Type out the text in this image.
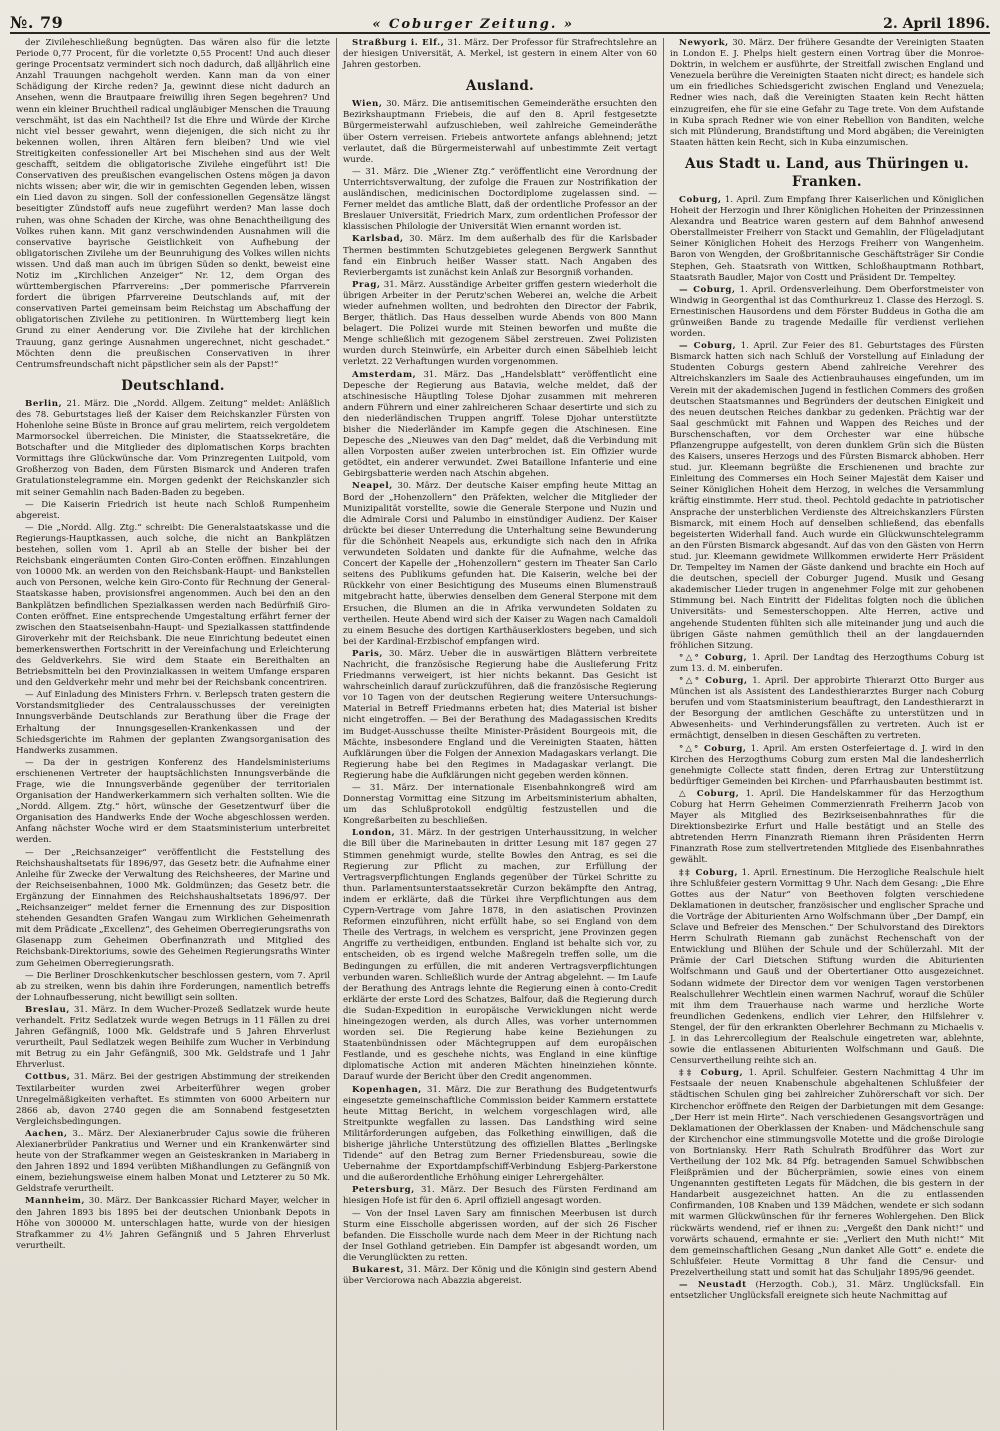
№. 79	« Coburger Zeitung. »	2. April 1896.

der Zivileheschließung begnügten. Das wären also für die letzte Periode 0,77 Procent, für die vorletzte 0,55 Procent! Und auch dieser geringe Procentsatz vermindert sich noch dadurch, daß alljährlich eine Anzahl Trauungen nachgeholt werden. Kann man da von einer Schädigung der Kirche reden? Ja, gewinnt diese nicht dadurch an Ansehen, wenn die Brautpaare freiwillig ihren Segen begehren? Und wenn ein kleiner Bruchtheil radical ungläubiger Menschen die Trauung verschmäht, ist das ein Nachtheil? Ist die Ehre und Würde der Kirche nicht viel besser gewahrt, wenn diejenigen, die sich nicht zu ihr bekennen wollen, ihren Altären fern bleiben? Und wie viel Streitigkeiten confessioneller Art bei Mischehen sind aus der Welt geschafft, seitdem die obligatorische Zivilehe eingeführt ist! Die Conservativen des preußischen evangelischen Ostens mögen ja davon nichts wissen; aber wir, die wir in gemischten Gegenden leben, wissen ein Lied davon zu singen. Soll der confessionellen Gegensätze längst beseitigter Zündstoff aufs neue zugeführt werden? Man lasse doch ruhen, was ohne Schaden der Kirche, was ohne Benachtheiligung des Volkes ruhen kann. Mit ganz verschwindenden Ausnahmen will die conservative bayrische Geistlichkeit von Aufhebung der obligatorischen Zivilehe um der Beunruhigung des Volkes willen nichts wissen. Und daß man auch im übrigen Süden so denkt, beweist eine Notiz im „Kirchlichen Anzeiger“ Nr. 12, dem Organ des württembergischen Pfarrvereins: „Der pommerische Pfarrverein fordert die übrigen Pfarrvereine Deutschlands auf, mit der conservativen Partei gemeinsam beim Reichstag um Abschaffung der obligatorischen Zivilehe zu petitioniren. In Württemberg liegt kein Grund zu einer Aenderung vor. Die Zivilehe hat der kirchlichen Trauung, ganz geringe Ausnahmen ungerechnet, nicht geschadet.“ Möchten denn die preußischen Conservativen in ihrer Centrumsfreundschaft nicht päpstlicher sein als der Papst!“

Deutschland.

Berlin, 21. März. Die „Nordd. Allgem. Zeitung“ meldet: Anläßlich des 78. Geburtstages ließ der Kaiser dem Reichskanzler Fürsten von Hohenlohe seine Büste in Bronce auf grau melirtem, reich vergoldetem Marmorsockel überreichen. Die Minister, die Staatssekretäre, die Botschafter und die Mitglieder des diplomatischen Korps brachten Vormittags ihre Glückwünsche dar. Vom Prinzregenten Luitpold, vom Großherzog von Baden, dem Fürsten Bismarck und Anderen trafen Gratulationstelegramme ein. Morgen gedenkt der Reichskanzler sich mit seiner Gemahlin nach Baden-Baden zu begeben.

— Die Kaiserin Friedrich ist heute nach Schloß Rumpenheim abgereist.

— Die „Nordd. Allg. Ztg.“ schreibt: Die Generalstaatskasse und die Regierungs-Hauptkassen, auch solche, die nicht an Bankplätzen bestehen, sollen vom 1. April ab an Stelle der bisher bei der Reichsbank eingeräumten Conten Giro-Conten eröffnen. Einzahlungen von 10000 Mk. an werden von den Reichsbank-Haupt- und Bankstellen auch von Personen, welche kein Giro-Conto für Rechnung der General-Staatskasse haben, provisionsfrei angenommen. Auch bei den an den Bankplätzen befindlichen Spezialkassen werden nach Bedürfniß Giro-Conten eröffnet. Eine entsprechende Umgestaltung erfährt ferner der zwischen den Staatseisenbahn-Haupt- und Spezialkassen stattfindende Giroverkehr mit der Reichsbank. Die neue Einrichtung bedeutet einen bemerkenswerthen Fortschritt in der Vereinfachung und Erleichterung des Geldverkehrs. Sie wird dem Staate ein Bereithalten an Betriebsmitteln bei den Provinzialkassen in weitem Umfange ersparen und den Geldverkehr mehr und mehr bei der Reichsbank concentriren.

— Auf Einladung des Ministers Frhrn. v. Berlepsch traten gestern die Vorstandsmitglieder des Centralausschusses der vereinigten Innungsverbände Deutschlands zur Berathung über die Frage der Erhaltung der Innungsgesellen-Krankenkassen und der Schiedsgerichte im Rahmen der geplanten Zwangsorganisation des Handwerks zusammen.

— Da der in gestrigen Konferenz des Handelsministeriums erschienenen Vertreter der hauptsächlichsten Innungsverbände die Frage, wie die Innungsverbände gegenüber der territorialen Organisation der Handwerkerkammern sich verhalten sollten. Wie die „Nordd. Allgem. Ztg.“ hört, wünsche der Gesetzentwurf über die Organisation des Handwerks Ende der Woche abgeschlossen werden. Anfang nächster Woche wird er dem Staatsministerium unterbreitet werden.

— Der „Reichsanzeiger“ veröffentlicht die Feststellung des Reichshaushaltsetats für 1896/97, das Gesetz betr. die Aufnahme einer Anleihe für Zwecke der Verwaltung des Reichsheeres, der Marine und der Reichseisenbahnen, 1000 Mk. Goldmünzen; das Gesetz betr. die Ergänzung der Einnahmen des Reichshaushaltsetats 1896/97. Der „Reichsanzeiger“ meldet ferner die Ernennung des zur Disposition stehenden Gesandten Grafen Wangau zum Wirklichen Geheimenrath mit dem Prädicate „Excellenz“, des Geheimen Oberregierungsraths von Glasenapp zum Geheimen Oberfinanzrath und Mitglied des Reichsbank-Direktoriums, sowie des Geheimen Regierungsraths Winter zum Geheimen Oberregierungsrath.

— Die Berliner Droschkenkutscher beschlossen gestern, vom 7. April ab zu streiken, wenn bis dahin ihre Forderungen, namentlich betreffs der Lohnaufbesserung, nicht bewilligt sein sollten.

Breslau, 31. März. In dem Wucher-Prozeß Sedlatzek wurde heute verhandelt. Fritz Sedlatzek wurde wegen Betrugs in 11 Fällen zu drei Jahren Gefängniß, 1000 Mk. Geldstrafe und 5 Jahren Ehrverlust verurtheilt, Paul Sedlatzek wegen Beihilfe zum Wucher in Verbindung mit Betrug zu ein Jahr Gefängniß, 300 Mk. Geldstrafe und 1 Jahr Ehrverlust.

Cottbus, 31. März. Bei der gestrigen Abstimmung der streikenden Textilarbeiter wurden zwei Arbeiterführer wegen grober Unregelmäßigkeiten verhaftet. Es stimmten von 6000 Arbeitern nur 2866 ab, davon 2740 gegen die am Sonnabend festgesetzten Vergleichsbedingungen.

Aachen, 3.. März. Der Alexianerbruder Cajus sowie die früheren Alexianerbrüder Pankratius und Werner und ein Krankenwärter sind heute von der Strafkammer wegen an Geisteskranken in Mariaberg in den Jahren 1892 und 1894 verübten Mißhandlungen zu Gefängniß von einem, beziehungsweise einem halben Monat und Letzterer zu 50 Mk. Geldstrafe verurtheilt.

Mannheim, 30. März. Der Bankcassier Richard Mayer, welcher in den Jahren 1893 bis 1895 bei der deutschen Unionbank Depots in Höhe von 300000 M. unterschlagen hatte, wurde von der hiesigen Strafkammer zu 4½ Jahren Gefängniß und 5 Jahren Ehrverlust verurtheilt.

Straßburg i. Elf., 31. März. Der Professor für Strafrechtslehre an der hiesigen Universität, A. Merkel, ist gestern in einem Alter von 60 Jahren gestorben.

Ausland.

Wien, 30. März. Die antisemitischen Gemeinderäthe ersuchten den Bezirkshauptmann Friebeis, die auf den 8. April festgesetzte Bürgermeisterwahl aufzuschieben, weil zahlreiche Gemeinderäthe über Ostern verreisen. Friebeis antwortete anfangs ablehnend; jetzt verlautet, daß die Bürgermeisterwahl auf unbestimmte Zeit vertagt wurde.

— 31. März. Die „Wiener Ztg.“ veröffentlicht eine Verordnung der Unterrichtsverwaltung, der zufolge die Frauen zur Nostrifikation der ausländischen, medicinischen Doctordiplome zugelassen sind. — Ferner meldet das amtliche Blatt, daß der ordentliche Professor an der Breslauer Universität, Friedrich Marx, zum ordentlichen Professor der klassischen Philologie der Universität Wien ernannt worden ist.

Karlsbad, 30. März. Im dem außerhalb des für die Karlsbader Thermen bestimmten Schutzgebietes gelegenen Bergwerk Sannthut fand ein Einbruch heißer Wasser statt. Nach Angaben des Revierbergamts ist zunächst kein Anlaß zur Besorgniß vorhanden.

Prag, 31. März. Ausständige Arbeiter griffen gestern wiederholt die übrigen Arbeiter in der Perutz'schen Weberei an, welche die Arbeit wieder aufnehmen wollten, und bedrohten den Director der Fabrik, Berger, thätlich. Das Haus desselben wurde Abends von 800 Mann belagert. Die Polizei wurde mit Steinen beworfen und mußte die Menge schließlich mit gezogenem Säbel zerstreuen. Zwei Polizisten wurden durch Steinwürfe, ein Arbeiter durch einen Säbelhieb leicht verletzt. 22 Verhaftungen wurden vorgenommen.

Amsterdam, 31. März. Das „Handelsblatt“ veröffentlicht eine Depesche der Regierung aus Batavia, welche meldet, daß der atschinesische Häuptling Tolese Djohar zusammen mit mehreren andern Führern und einer zahlreicheren Schaar desertirte und sich zu den niederländischen Truppen angriff. Tolese Djohar unterstützte bisher die Niederländer im Kampfe gegen die Atschinesen. Eine Depesche des „Nieuwes van den Dag“ meldet, daß die Verbindung mit allen Vorposten außer zweien unterbrochen ist. Ein Offizier wurde getödtet, ein anderer verwundet. Zwei Bataillone Infanterie und eine Gebirgsbatterie werden nach Atschin abgehen.

Neapel, 30. März. Der deutsche Kaiser empfing heute Mittag an Bord der „Hohenzollern“ den Präfekten, welcher die Mitglieder der Munizipalität vorstellte, sowie die Generale Sterpone und Nuzin und die Admirale Corsi und Palumbo in einstündiger Audienz. Der Kaiser drückte bei dieser Unterredung die Unterhaltung seine Bewunderung für die Schönheit Neapels aus, erkundigte sich nach den in Afrika verwundeten Soldaten und dankte für die Aufnahme, welche das Concert der Kapelle der „Hohenzollern“ gestern im Theater San Carlo seitens des Publikums gefunden hat. Die Kaiserin, welche bei der Rückkehr von einer Besichtigung des Museums einen Blumenstrauß mitgebracht hatte, überwies denselben dem General Sterpone mit dem Ersuchen, die Blumen an die in Afrika verwundeten Soldaten zu vertheilen. Heute Abend wird sich der Kaiser zu Wagen nach Camaldoli zu einem Besuche des dortigen Karthäuserklosters begeben, und sich bei der Kardinal-Erzbischof empfangen wird.

Paris, 30. März. Ueber die in auswärtigen Blättern verbreitete Nachricht, die französische Regierung habe die Auslieferung Fritz Friedmanns verweigert, ist hier nichts bekannt. Das Gesicht ist wahrscheinlich darauf zurückzuführen, daß die französische Regierung vor 10 Tagen von der deutschen Regierung weitere Untersuchungs-Material in Betreff Friedmanns erbeten hat; dies Material ist bisher nicht eingetroffen. — Bei der Berathung des Madagassischen Kredits im Budget-Ausschusse theilte Minister-Präsident Bourgeois mit, die Mächte, insbesondere England und die Vereinigten Staaten, hätten Aufklärungen über die Folgen der Annexion Madagaskars verlangt. Die Regierung habe bei den Regimes in Madagaskar verlangt. Die Regierung habe die Aufklärungen nicht gegeben werden können.

— 31. März. Der internationale Eisenbahnkongreß wird am Donnerstag Vormittag eine Sitzung im Arbeitsministerium abhalten, um das Schlußprotokoll endgültig festzustellen und die Kongreßarbeiten zu beschließen.

London, 31. März. In der gestrigen Unterhaussitzung, in welcher die Bill über die Marinebauten in dritter Lesung mit 187 gegen 27 Stimmen genehmigt wurde, stellte Bowles den Antrag, es sei die Regierung zur Pflicht zu machen, zur Erfüllung der Vertragsverpflichtungen Englands gegenüber der Türkei Schritte zu thun. Parlamentsunterstaatssekretär Curzon bekämpfte den Antrag, indem er erklärte, daß die Türkei ihre Verpflichtungen aus dem Cypern-Vertrage vom Jahre 1878, in den asiatischen Provinzen Reformen einzuführen, nicht erfüllt habe, so sei England von dem Theile des Vertrags, in welchem es verspricht, jene Provinzen gegen Angriffe zu vertheidigen, entbunden. England ist behalte sich vor, zu entscheiden, ob es irgend welche Maßregeln treffen solle, um die Bedingungen zu erfüllen, die mit anderen Vertragsverpflichtungen verbunden waren. Schließlich wurde der Antrag abgelehnt. — Im Laufe der Berathung des Antrags lehnte die Regierung einen à conto-Credit erklärte der erste Lord des Schatzes, Balfour, daß die Regierung durch die Sudan-Expedition in europäische Verwicklungen nicht werde hineingezogen werden, als durch Alles, was vorher unternommen worden sei. Die Regierung habe keine Beziehungen zu Staatenbündnissen oder Mächtegruppen auf dem europäischen Festlande, und es geschehe nichts, was England in eine künftige diplomatische Action mit anderen Mächten hineinziehen könnte. Darauf wurde der Bericht über den Credit angenommen.

Kopenhagen, 31. März. Die zur Berathung des Budgetentwurfs eingesetzte gemeinschaftliche Commission beider Kammern erstattete heute Mittag Bericht, in welchem vorgeschlagen wird, alle Streitpunkte wegfallen zu lassen. Das Landsthing wird seine Militärforderungen aufgeben, das Folkething einwilligen, daß die bisherige jährliche Unterstützung des offiziellen Blattes „Berlingske Tidende“ auf den Betrag zum Berner Friedensbureau, sowie die Uebernahme der Exportdampfschiff-Verbindung Esbjerg-Parkerstone und die außerordentliche Erhöhung einiger Lehrergehälter.

Petersburg, 31. März. Der Besuch des Fürsten Ferdinand am hiesigen Hofe ist für den 6. April offiziell angesagt worden.

— Von der Insel Laven Sary am finnischen Meerbusen ist durch Sturm eine Eisscholle abgerissen worden, auf der sich 26 Fischer befanden. Die Eisscholle wurde nach dem Meer in der Richtung nach der Insel Gothland getrieben. Ein Dampfer ist abgesandt worden, um die Verunglückten zu retten.

Bukarest, 31. März. Der König und die Königin sind gestern Abend über Verciorowa nach Abazzia abgereist.

Newyork, 30. März. Der frühere Gesandte der Vereinigten Staaten in London E. J. Phelps hielt gestern einen Vortrag über die Monroe-Doktrin, in welchem er ausführte, der Streitfall zwischen England und Venezuela berühre die Vereinigten Staaten nicht direct; es handele sich um ein friedliches Schiedsgericht zwischen England und Venezuela; Redner wies nach, daß die Vereinigten Staaten kein Recht hätten einzugreifen, ehe für sie eine Gefahr zu Tage trete. Von dem Aufstande in Kuba sprach Redner wie von einer Rebellion von Banditen, welche sich mit Plünderung, Brandstiftung und Mord abgäben; die Vereinigten Staaten hätten kein Recht, sich in Kuba einzumischen.

Aus Stadt u. Land, aus Thüringen u. Franken.

Coburg, 1. April. Zum Empfang Ihrer Kaiserlichen und Königlichen Hoheit der Herzogin und Ihrer Königlichen Hoheiten der Prinzessinnen Alexandra und Beatrice waren gestern auf dem Bahnhof anwesend Oberstallmeister Freiherr von Stackt und Gemahlin, der Flügeladjutant Seiner Königlichen Hoheit des Herzogs Freiherr von Wangenheim. Baron von Wengden, der Großbritannische Geschäftsträger Sir Condie Stephen, Geh. Staatsrath von Wittken, Schloßhauptmann Rothbart, Staatsrath Baudler, Major von Costt und Präsident Dr. Tempeltey.

— Coburg, 1. April. Ordensverleihung. Dem Oberforstmeister von Windwig in Georgenthal ist das Comthurkreuz 1. Classe des Herzogl. S. Ernestinischen Hausordens und dem Förster Buddeus in Gotha die am grünweißen Bande zu tragende Medaille für verdienst verliehen worden.

— Coburg, 1. April. Zur Feier des 81. Geburtstages des Fürsten Bismarck hatten sich nach Schluß der Vorstellung auf Einladung der Studenten Coburgs gestern Abend zahlreiche Verehrer des Altreichskanzlers im Saale des Actienbrauhauses eingefunden, um im Verein mit der akademischen Jugend in festlichen Commers des großen deutschen Staatsmannes und Begründers der deutschen Einigkeit und des neuen deutschen Reiches dankbar zu gedenken. Prächtig war der Saal geschmückt mit Fahnen und Wappen des Reiches und der Burschenschaften, vor dem Orchester war eine hübsche Pflanzengruppe aufgestellt, von deren dunklem Grün sich die Büsten des Kaisers, unseres Herzogs und des Fürsten Bismarck abhoben. Herr stud. jur. Kleemann begrüßte die Erschienenen und brachte zur Einleitung des Commerses ein Hoch Seiner Majestät dem Kaiser und Seiner Königlichen Hoheit dem Herzog, in welches die Versammlung kräftig einstimmte. Herr stud. theol. Pechtold gedachte in patriotischer Ansprache der unsterblichen Verdienste des Altreichskanzlers Fürsten Bismarck, mit einem Hoch auf denselben schließend, das ebenfalls begeisterten Widerhall fand. Auch wurde ein Glückwunschtelegramm an den Fürsten Bismarck abgesandt. Auf das von den Gästen von Herrn stud. jur. Kleemann gewidmete Willkommen erwiderte Herr Präsident Dr. Tempeltey im Namen der Gäste dankend und brachte ein Hoch auf die deutschen, speciell der Coburger Jugend. Musik und Gesang akademischer Lieder trugen in angenehmer Folge mit zur gehobenen Stimmung bei. Nach Eintritt der Fidelitas folgten noch die üblichen Universitäts- und Semesterschoppen. Alte Herren, active und angehende Studenten fühlten sich alle miteinander jung und auch die übrigen Gäste nahmen gemüthlich theil an der langdauernden fröhlichen Sitzung.

°△° Coburg, 1. April. Der Landtag des Herzogthums Coburg ist zum 13. d. M. einberufen.

°△° Coburg, 1. April. Der approbirte Thierarzt Otto Burger aus München ist als Assistent des Landesthierarztes Burger nach Coburg berufen und vom Staatsministerium beauftragt, den Landesthierarzt in der Besorgung der amtlichen Geschäfte zu unterstützen und in Abwesenheits- und Verhinderungsfällen zu vertreten. Auch ist er ermächtigt, denselben in diesen Geschäften zu vertreten.

°△° Coburg, 1. April. Am ersten Osterfeiertage d. J. wird in den Kirchen des Herzogthums Coburg zum ersten Mal die landesherrlich genehmigte Collecte statt finden, deren Ertrag zur Unterstützung bedürftiger Gemeinden bei Kirchen- und Pfarrhausbauten bestimmt ist.

△ Coburg, 1. April. Die Handelskammer für das Herzogthum Coburg hat Herrn Geheimen Commerzienrath Freiherrn Jacob von Mayer als Mitglied des Bezirkseisenbahnrathes für die Direktionsbezirke Erfurt und Halle bestätigt und an Stelle des abtretenden Herrn Finanzrath Riemann ihren Präsidenten Herrn Finanzrath Rose zum stellvertretenden Mitgliede des Eisenbahnrathes gewählt.

‡‡ Coburg, 1. April. Ernestinum. Die Herzogliche Realschule hielt ihre Schlußfeier gestern Vormittag 9 Uhr. Nach dem Gesang: „Die Ehre Gottes aus der Natur“ von Beethoven folgten verschiedene Deklamationen in deutscher, französischer und englischer Sprache und die Vorträge der Abiturienten Arno Wolfschmann über „Der Dampf, ein Sclave und Befreier des Menschen.“ Der Schulvorstand des Direktors Herrn Schulrath Riemann gab zunächst Rechenschaft von der Entwicklung und Blühen der Schule und der Schülerzahl. Mit der Prämie der Carl Dietschen Stiftung wurden die Abiturienten Wolfschmann und Gauß und der Obertertianer Otto ausgezeichnet. Sodann widmete der Director dem vor wenigen Tagen verstorbenen Realschullehrer Wechtlein einen warmen Nachruf, worauf die Schüler mit ihm dem Trauerhause nach warme und herzliche Worte freundlichen Gedenkens, endlich vier Lehrer, den Hilfslehrer v. Stengel, der für den erkrankten Oberlehrer Bechmann zu Michaelis v. J. in das Lehrercollegium der Realschule eingetreten war, ablehnte, sowie die entlassenen Abiturienten Wolfschmann und Gauß. Die Censurvertheilung reihte sich an.

‡‡ Coburg, 1. April. Schulfeier. Gestern Nachmittag 4 Uhr im Festsaale der neuen Knabenschule abgehaltenen Schlußfeier der städtischen Schulen ging bei zahlreicher Zuhörerschaft vor sich. Der Kirchenchor eröffnete den Reigen der Darbietungen mit dem Gesange: „Der Herr ist mein Hirte“. Nach verschiedenen Gesangsvorträgen und Deklamationen der Oberklassen der Knaben- und Mädchenschule sang der Kirchenchor eine stimmungsvolle Motette und die große Dirologie von Bortniansky. Herr Rath Schulrath Brodführer das Wort zur Vertheilung der 102 Mk. 84 Pfg. betragenden Samuel Schwibbschen Fleißprämien und der Bücherprämien, sowie eines von einem Ungenannten gestifteten Legats für Mädchen, die bis gestern in der Handarbeit ausgezeichnet hatten. An die zu entlassenden Confirmanden, 108 Knaben und 139 Mädchen, wendete er sich sodann mit warmen Glückwünschen für ihr ferneres Wohlergehen. Den Blick rückwärts wendend, rief er ihnen zu: „Vergeßt den Dank nicht!“ und vorwärts schauend, ermahnte er sie: „Verliert den Muth nicht!“ Mit dem gemeinschaftlichen Gesang „Nun danket Alle Gott“ e. endete die Schlußfeier. Heute Vormittag 8 Uhr fand die Censur- und Prezelvertheilung statt und somit hat das Schuljahr 1895/96 geendet.

— Neustadt (Herzogth. Cob.), 31. März. Unglücksfall. Ein entsetzlicher Unglücksfall ereignete sich heute Nachmittag auf
